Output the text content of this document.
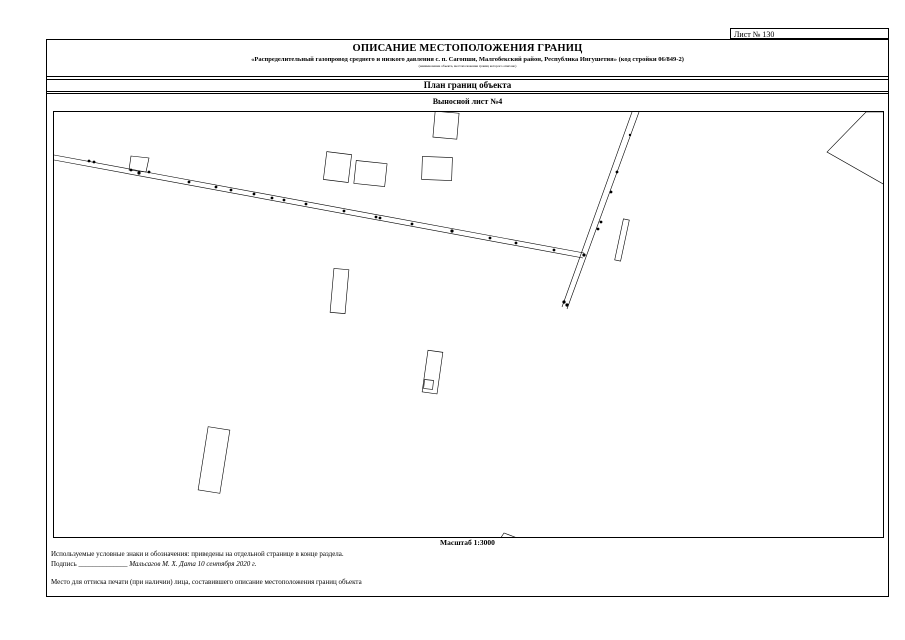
Лист № 130
ОПИСАНИЕ МЕСТОПОЛОЖЕНИЯ ГРАНИЦ
«Распределительный газопровод среднего и низкого давления с. п. Сагопши, Малгобекский район, Республика Ингушетия» (код стройки 06/849-2)
(наименование объекта, местоположение границ которого описано)
План границ объекта
Выносной лист №4
Масштаб 1:3000
Используемые условные знаки и обозначения: приведены на отдельной странице в конце раздела.
Подпись ______________ Мальсагов М. Х. Дата 10 сентября 2020 г.
Место для оттиска печати (при наличии) лица, составившего описание местоположения границ объекта
